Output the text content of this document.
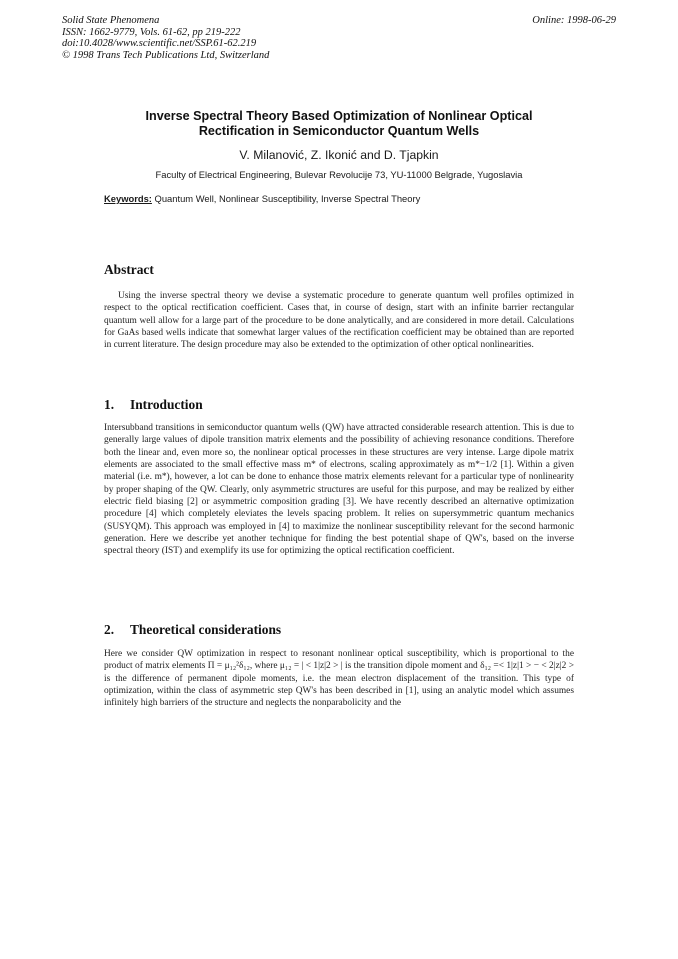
Solid State Phenomena
ISSN: 1662-9779, Vols. 61-62, pp 219-222
doi:10.4028/www.scientific.net/SSP.61-62.219
© 1998 Trans Tech Publications Ltd, Switzerland
Online: 1998-06-29
Inverse Spectral Theory Based Optimization of Nonlinear Optical
Rectification in Semiconductor Quantum Wells
V. Milanović, Z. Ikonić and D. Tjapkin
Faculty of Electrical Engineering, Bulevar Revolucije 73, YU-11000 Belgrade, Yugoslavia
Keywords: Quantum Well, Nonlinear Susceptibility, Inverse Spectral Theory
Abstract
Using the inverse spectral theory we devise a systematic procedure to generate quantum well profiles optimized in respect to the optical rectification coefficient. Cases that, in course of design, start with an infinite barrier rectangular quantum well allow for a large part of the procedure to be done analytically, and are considered in more detail. Calculations for GaAs based wells indicate that somewhat larger values of the rectification coefficient may be obtained than are reported in current literature. The design procedure may also be extended to the optimization of other optical nonlinearities.
1. Introduction
Intersubband transitions in semiconductor quantum wells (QW) have attracted considerable research attention. This is due to generally large values of dipole transition matrix elements and the possibility of achieving resonance conditions. Therefore both the linear and, even more so, the nonlinear optical processes in these structures are very intense. Large dipole matrix elements are associated to the small effective mass m* of electrons, scaling approximately as m*−1/2 [1]. Within a given material (i.e. m*), however, a lot can be done to enhance those matrix elements relevant for a particular type of nonlinearity by proper shaping of the QW. Clearly, only asymmetric structures are useful for this purpose, and may be realized by either electric field biasing [2] or asymmetric composition grading [3]. We have recently described an alternative optimization procedure [4] which completely eleviates the levels spacing problem. It relies on supersymmetric quantum mechanics (SUSYQM). This approach was employed in [4] to maximize the nonlinear susceptibility relevant for the second harmonic generation. Here we describe yet another technique for finding the best potential shape of QW's, based on the inverse spectral theory (IST) and exemplify its use for optimizing the optical rectification coefficient.
2. Theoretical considerations
Here we consider QW optimization in respect to resonant nonlinear optical susceptibility, which is proportional to the product of matrix elements Π = μ₁₂²δ₁₂, where μ₁₂ = | < 1|z|2 > | is the transition dipole moment and δ₁₂ =< 1|z|1 > − < 2|z|2 > is the difference of permanent dipole moments, i.e. the mean electron displacement of the transition. This type of optimization, within the class of asymmetric step QW's has been described in [1], using an analytic model which assumes infinitely high barriers of the structure and neglects the nonparabolicity and the
